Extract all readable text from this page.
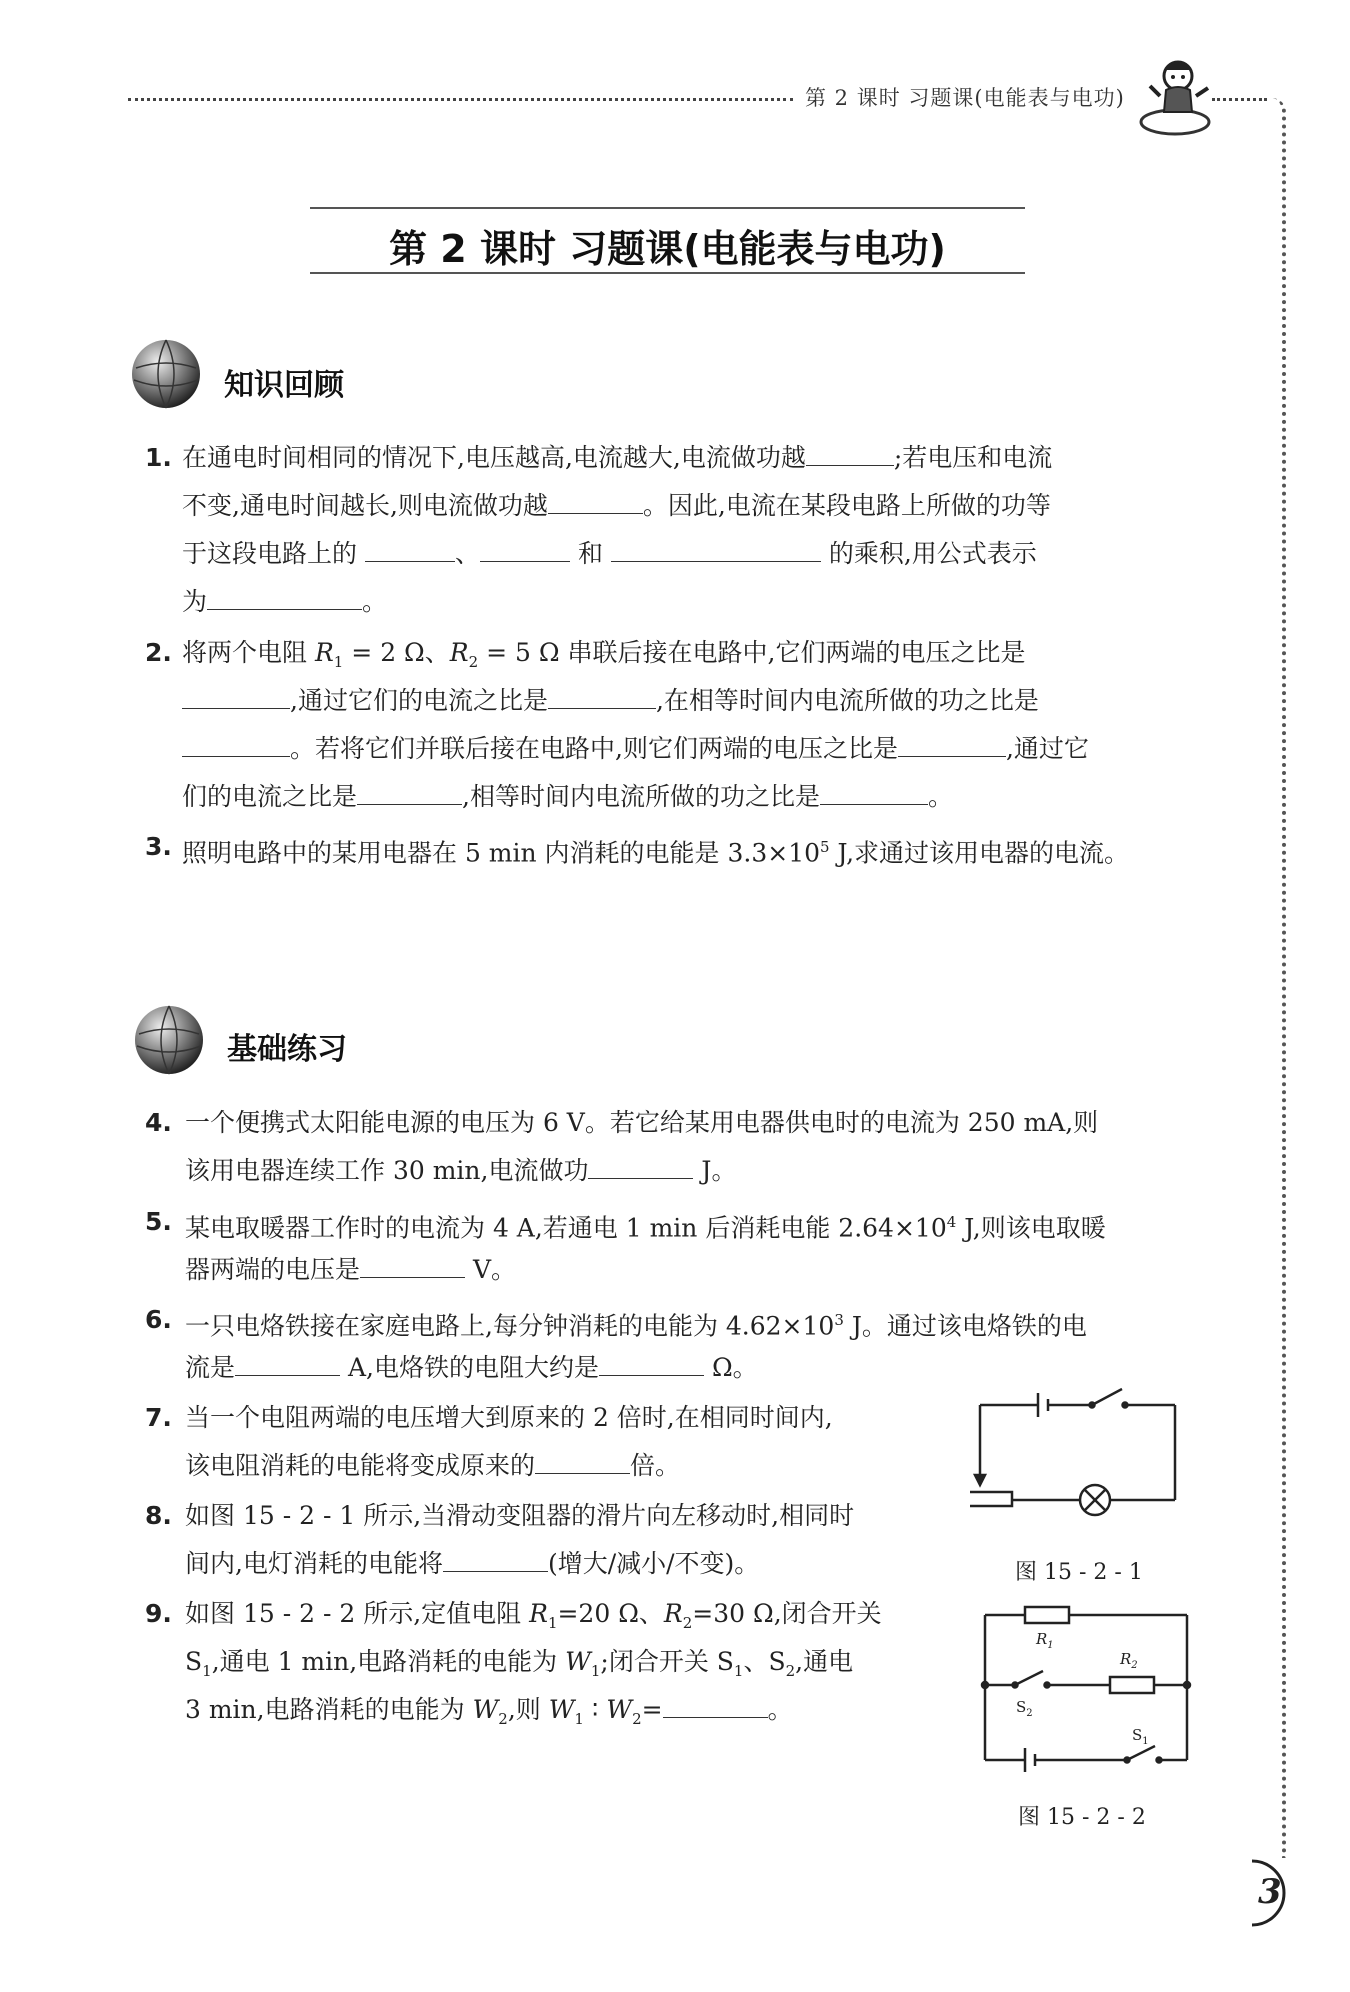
第 2 课时 习题课(电能表与电功)
第 2 课时 习题课(电能表与电功)
知识回顾
1. 在通电时间相同的情况下,电压越高,电流越大,电流做功越	;若电压和电流
不变,通电时间越长,则电流做功越	。因此,电流在某段电路上所做的功等
于这段电路上的	、	和	的乘积,用公式表示
为	。
2. 将两个电阻 $R_1 = 2$ Ω、$R_2 = 5$ Ω 串联后接在电路中,它们两端的电压之比是
,通过它们的电流之比是	,在相等时间内电流所做的功之比是
。若将它们并联后接在电路中,则它们两端的电压之比是	,通过它
们的电流之比是	,相等时间内电流所做的功之比是	。
3. 照明电路中的某用电器在 5 min 内消耗的电能是 $3.3\times 10^5$ J,求通过该用电器的电流。
基础练习
4. 一个便携式太阳能电源的电压为 6 V。若它给某用电器供电时的电流为 250 mA,则
该用电器连续工作 30 min,电流做功	J。
5. 某电取暖器工作时的电流为 4 A,若通电 1 min 后消耗电能 $2.64\times 10^4$ J,则该电取暖
器两端的电压是	V。
6. 一只电烙铁接在家庭电路上,每分钟消耗的电能为 $4.62\times 10^3$ J。通过该电烙铁的电
流是	A,电烙铁的电阻大约是	Ω。
7. 当一个电阻两端的电压增大到原来的 2 倍时,在相同时间内,
该电阻消耗的电能将变成原来的	倍。
8. 如图 15 - 2 - 1 所示,当滑动变阻器的滑片向左移动时,相同时
间内,电灯消耗的电能将	(增大/减小/不变)。
9. 如图 15 - 2 - 2 所示,定值电阻 $R_1=20$ Ω、$R_2=30$ Ω,闭合开关
$S_1$,通电 1 min,电路消耗的电能为 $W_1$;闭合开关 $S_1$、$S_2$,通电
3 min,电路消耗的电能为 $W_2$,则 $W_1$ ∶ $W_2=$	。
图 15 - 2 - 1
$R_1$
$R_2$
$S_2$
$S_1$
图 15 - 2 - 2
3
